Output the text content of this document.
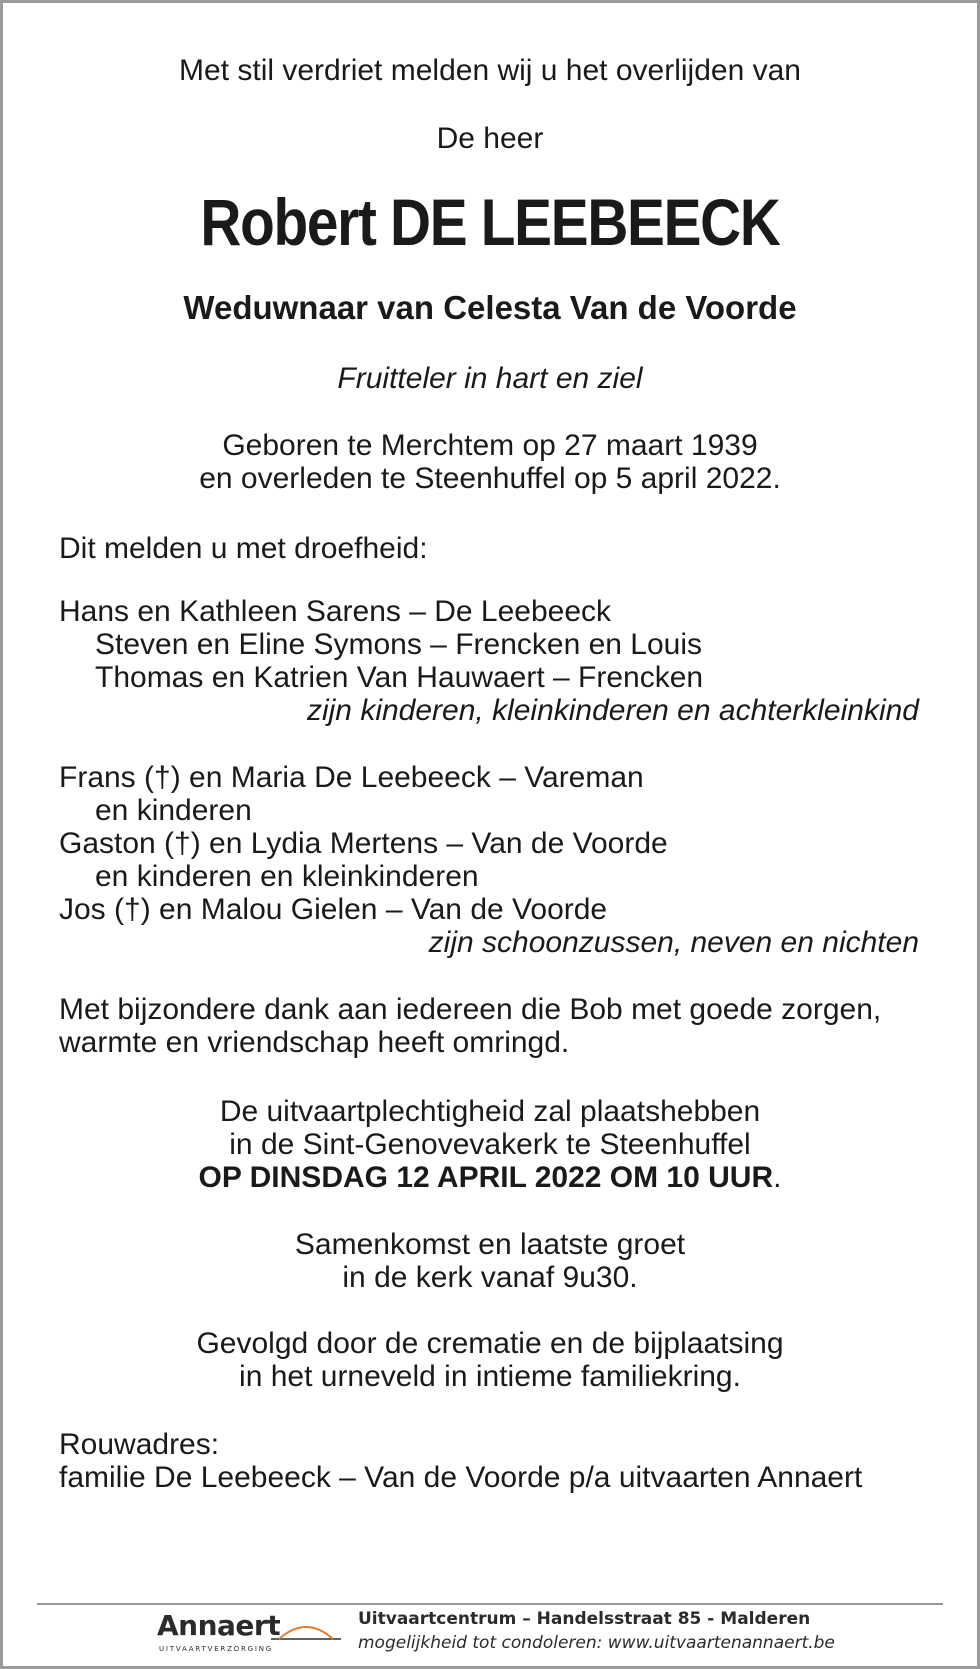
Met stil verdriet melden wij u het overlijden van
De heer
Robert DE LEEBEECK
Weduwnaar van Celesta Van de Voorde
Fruitteler in hart en ziel
Geboren te Merchtem op 27 maart 1939
en overleden te Steenhuffel op 5 april 2022.
Dit melden u met droefheid:
Hans en Kathleen Sarens – De Leebeeck
Steven en Eline Symons – Frencken en Louis
Thomas en Katrien Van Hauwaert – Frencken
zijn kinderen, kleinkinderen en achterkleinkind
Frans (†) en Maria De Leebeeck – Vareman
en kinderen
Gaston (†) en Lydia Mertens – Van de Voorde
en kinderen en kleinkinderen
Jos (†) en Malou Gielen – Van de Voorde
zijn schoonzussen, neven en nichten
Met bijzondere dank aan iedereen die Bob met goede zorgen,
warmte en vriendschap heeft omringd.
De uitvaartplechtigheid zal plaatshebben
in de Sint-Genovevakerk te Steenhuffel
OP DINSDAG 12 APRIL 2022 OM 10 UUR.
Samenkomst en laatste groet
in de kerk vanaf 9u30.
Gevolgd door de crematie en de bijplaatsing
in het urneveld in intieme familiekring.
Rouwadres:
familie De Leebeeck – Van de Voorde p/a uitvaarten Annaert
Annaert
UITVAARTVERZORGING
Uitvaartcentrum – Handelsstraat 85 - Malderen
mogelijkheid tot condoleren: www.uitvaartenannaert.be
